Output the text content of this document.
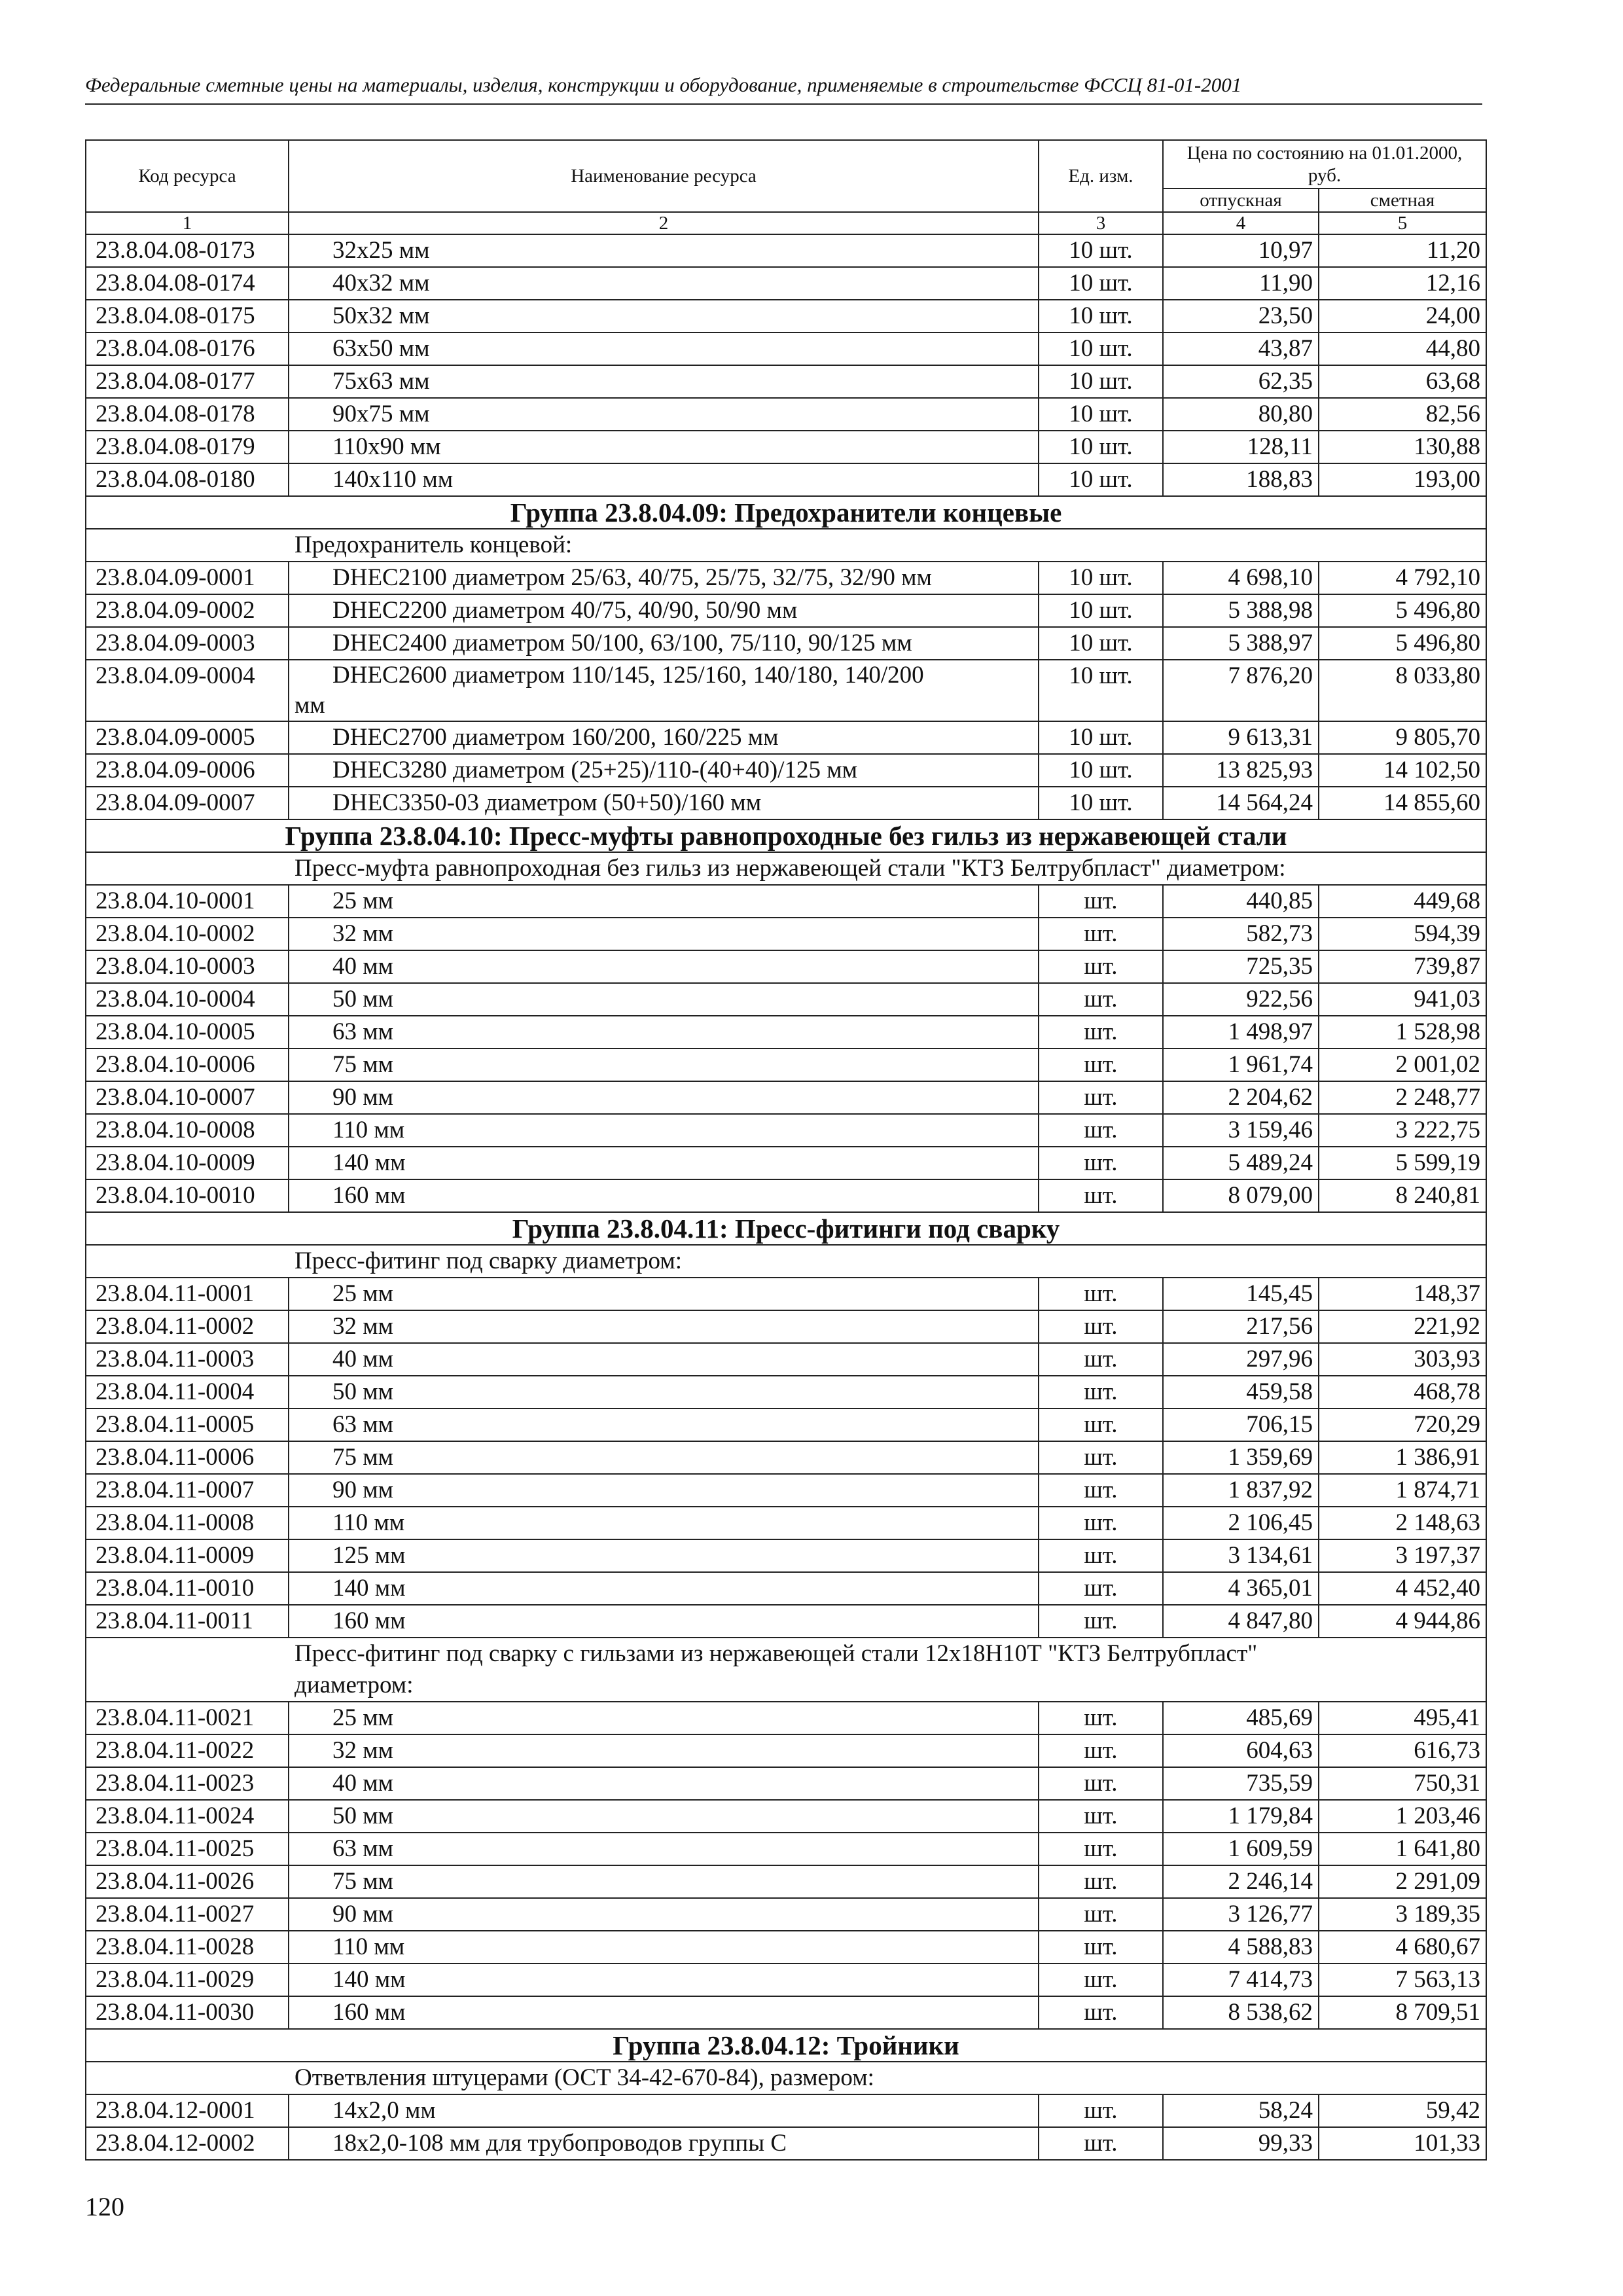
Федеральные сметные цены на материалы, изделия, конструкции и оборудование, применяемые в строительстве ФССЦ 81-01-2001
Код ресурса	Наименование ресурса	Ед. изм.	Цена по состоянию на 01.01.2000, руб.	
			отпускная	сметная
1	2	3	4	5
23.8.04.08-0173	32x25 мм	10 шт.	10,97	11,20
23.8.04.08-0174	40x32 мм	10 шт.	11,90	12,16
23.8.04.08-0175	50x32 мм	10 шт.	23,50	24,00
23.8.04.08-0176	63x50 мм	10 шт.	43,87	44,80
23.8.04.08-0177	75x63 мм	10 шт.	62,35	63,68
23.8.04.08-0178	90x75 мм	10 шт.	80,80	82,56
23.8.04.08-0179	110x90 мм	10 шт.	128,11	130,88
23.8.04.08-0180	140x110 мм	10 шт.	188,83	193,00
Группа 23.8.04.09: Предохранители концевые				

Предохранитель концевой:				

23.8.04.09-0001	DHEC2100 диаметром 25/63, 40/75, 25/75, 32/75, 32/90 мм	10 шт.	4 698,10	4 792,10
23.8.04.09-0002	DHEC2200 диаметром 40/75, 40/90, 50/90 мм	10 шт.	5 388,98	5 496,80
23.8.04.09-0003	DHEC2400 диаметром 50/100, 63/100, 75/110, 90/125 мм	10 шт.	5 388,97	5 496,80
23.8.04.09-0004	DHEC2600 диаметром 110/145, 125/160, 140/180, 140/200
мм	10 шт.	7 876,20	8 033,80
23.8.04.09-0005	DHEC2700 диаметром 160/200, 160/225 мм	10 шт.	9 613,31	9 805,70
23.8.04.09-0006	DHEC3280 диаметром (25+25)/110-(40+40)/125 мм	10 шт.	13 825,93	14 102,50
23.8.04.09-0007	DHEC3350-03 диаметром (50+50)/160 мм	10 шт.	14 564,24	14 855,60
Группа 23.8.04.10: Пресс-муфты равнопроходные без гильз из нержавеющей стали				

Пресс-муфта равнопроходная без гильз из нержавеющей стали "КТЗ Белтрубпласт" диаметром:				

23.8.04.10-0001	25 мм	шт.	440,85	449,68
23.8.04.10-0002	32 мм	шт.	582,73	594,39
23.8.04.10-0003	40 мм	шт.	725,35	739,87
23.8.04.10-0004	50 мм	шт.	922,56	941,03
23.8.04.10-0005	63 мм	шт.	1 498,97	1 528,98
23.8.04.10-0006	75 мм	шт.	1 961,74	2 001,02
23.8.04.10-0007	90 мм	шт.	2 204,62	2 248,77
23.8.04.10-0008	110 мм	шт.	3 159,46	3 222,75
23.8.04.10-0009	140 мм	шт.	5 489,24	5 599,19
23.8.04.10-0010	160 мм	шт.	8 079,00	8 240,81
Группа 23.8.04.11: Пресс-фитинги под сварку				

Пресс-фитинг под сварку диаметром:				

23.8.04.11-0001	25 мм	шт.	145,45	148,37
23.8.04.11-0002	32 мм	шт.	217,56	221,92
23.8.04.11-0003	40 мм	шт.	297,96	303,93
23.8.04.11-0004	50 мм	шт.	459,58	468,78
23.8.04.11-0005	63 мм	шт.	706,15	720,29
23.8.04.11-0006	75 мм	шт.	1 359,69	1 386,91
23.8.04.11-0007	90 мм	шт.	1 837,92	1 874,71
23.8.04.11-0008	110 мм	шт.	2 106,45	2 148,63
23.8.04.11-0009	125 мм	шт.	3 134,61	3 197,37
23.8.04.11-0010	140 мм	шт.	4 365,01	4 452,40
23.8.04.11-0011	160 мм	шт.	4 847,80	4 944,86

Пресс-фитинг под сварку с гильзами из нержавеющей стали 12х18Н10Т "КТЗ Белтрубпласт"
диаметром:				

23.8.04.11-0021	25 мм	шт.	485,69	495,41
23.8.04.11-0022	32 мм	шт.	604,63	616,73
23.8.04.11-0023	40 мм	шт.	735,59	750,31
23.8.04.11-0024	50 мм	шт.	1 179,84	1 203,46
23.8.04.11-0025	63 мм	шт.	1 609,59	1 641,80
23.8.04.11-0026	75 мм	шт.	2 246,14	2 291,09
23.8.04.11-0027	90 мм	шт.	3 126,77	3 189,35
23.8.04.11-0028	110 мм	шт.	4 588,83	4 680,67
23.8.04.11-0029	140 мм	шт.	7 414,73	7 563,13
23.8.04.11-0030	160 мм	шт.	8 538,62	8 709,51
Группа 23.8.04.12: Тройники				

Ответвления штуцерами (ОСТ 34-42-670-84), размером:				

23.8.04.12-0001	14x2,0 мм	шт.	58,24	59,42
23.8.04.12-0002	18x2,0-108 мм для трубопроводов группы С	шт.	99,33	101,33
120
